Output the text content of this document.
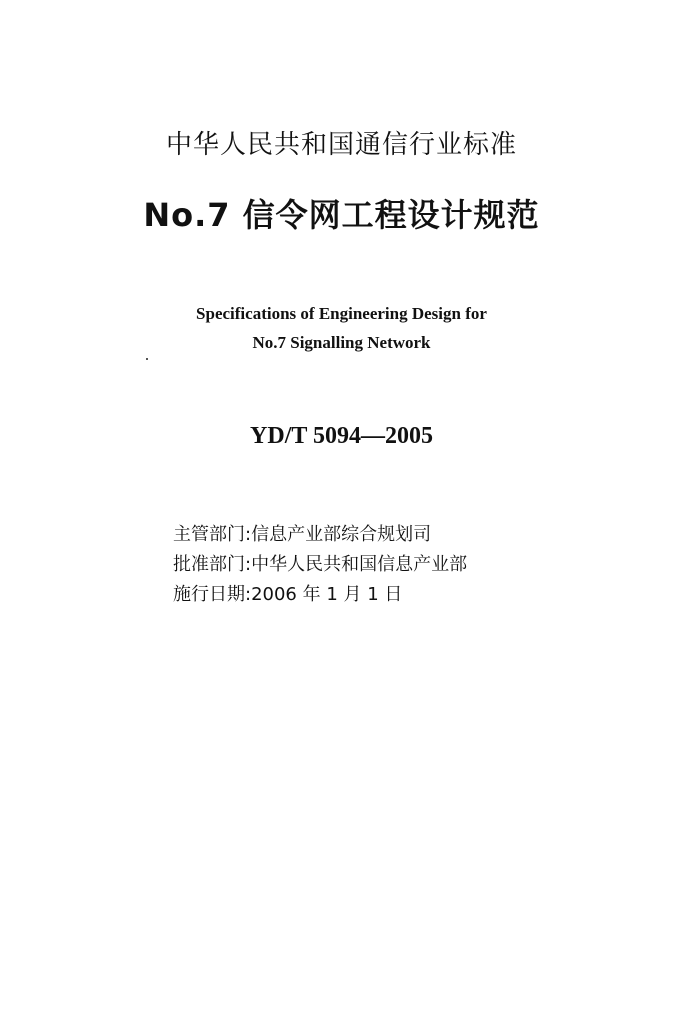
中华人民共和国通信行业标准
No.7 信令网工程设计规范
Specifications of Engineering Design for
No.7 Signalling Network
YD/T 5094—2005
主管部门:信息产业部综合规划司
批准部门:中华人民共和国信息产业部
施行日期:2006 年 1 月 1 日
